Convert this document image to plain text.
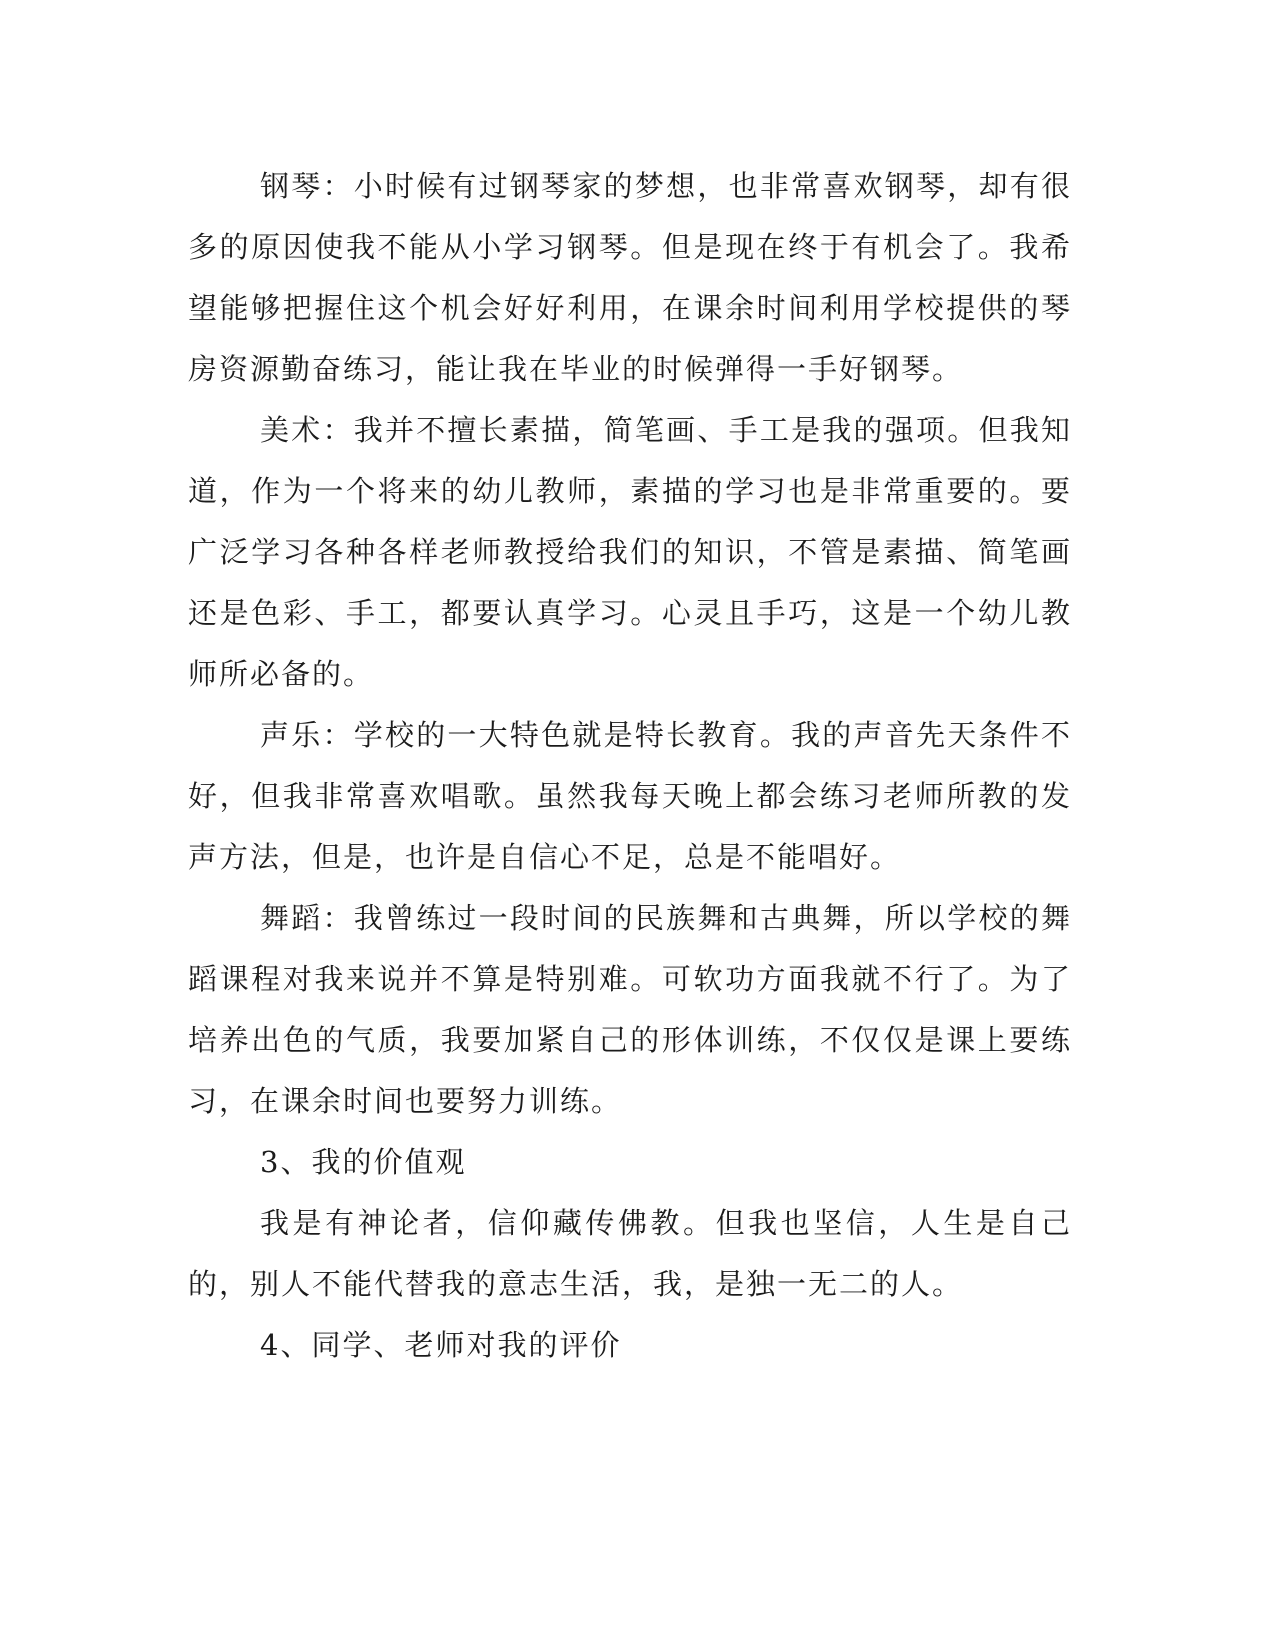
钢琴：小时候有过钢琴家的梦想，也非常喜欢钢琴，却有很多的原因使我不能从小学习钢琴。但是现在终于有机会了。我希望能够把握住这个机会好好利用，在课余时间利用学校提供的琴房资源勤奋练习，能让我在毕业的时候弹得一手好钢琴。

美术：我并不擅长素描，简笔画、手工是我的强项。但我知道，作为一个将来的幼儿教师，素描的学习也是非常重要的。要广泛学习各种各样老师教授给我们的知识，不管是素描、简笔画还是色彩、手工，都要认真学习。心灵且手巧，这是一个幼儿教师所必备的。

声乐：学校的一大特色就是特长教育。我的声音先天条件不好，但我非常喜欢唱歌。虽然我每天晚上都会练习老师所教的发声方法，但是，也许是自信心不足，总是不能唱好。

舞蹈：我曾练过一段时间的民族舞和古典舞，所以学校的舞蹈课程对我来说并不算是特别难。可软功方面我就不行了。为了培养出色的气质，我要加紧自己的形体训练，不仅仅是课上要练习，在课余时间也要努力训练。

3、我的价值观

我是有神论者，信仰藏传佛教。但我也坚信，人生是自己的，别人不能代替我的意志生活，我，是独一无二的人。

4、同学、老师对我的评价
